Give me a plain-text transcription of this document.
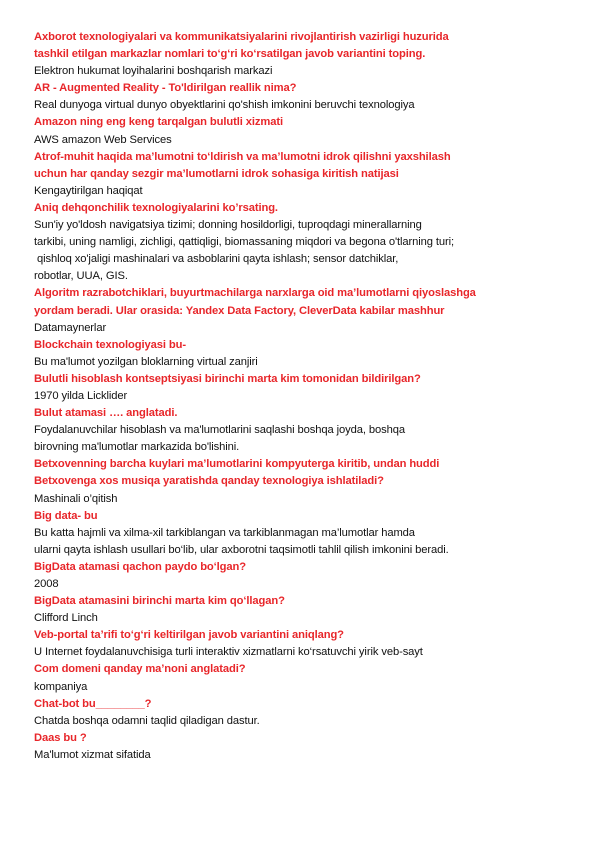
Axborot texnologiyalari va kommunikatsiyalarini rivojlantirish vazirligi huzurida
tashkil etilgan markazlar nomlari to‘g‘ri ko‘rsatilgan javob variantini toping.

Elektron hukumat loyihalarini boshqarish markazi

AR - Augmented Reality - To'ldirilgan reallik nima?

Real dunyoga virtual dunyo obyektlarini qo'shish imkonini beruvchi texnologiya

Amazon ning eng keng tarqalgan bulutli xizmati

AWS amazon Web Services

Atrof-muhit haqida ma’lumotni to‘ldirish va ma’lumotni idrok qilishni yaxshilash
uchun har qanday sezgir ma’lumotlarni idrok sohasiga kiritish natijasi

Kengaytirilgan haqiqat

Aniq dehqonchilik texnologiyalarini ko’rsating.

Sun'iy yo'ldosh navigatsiya tizimi; donning hosildorligi, tuproqdagi minerallarning
tarkibi, uning namligi, zichligi, qattiqligi, biomassaning miqdori va begona o'tlarning turi;
qishloq xo'jaligi mashinalari va asboblarini qayta ishlash; sensor datchiklar,
robotlar, UUA, GIS.

Algoritm razrabotchiklari, buyurtmachilarga narxlarga oid ma’lumotlarni qiyoslashga
yordam beradi. Ular orasida: Yandex Data Factory, CleverData kabilar mashhur

Datamaynerlar

Blockchain texnologiyasi bu-

Bu ma'lumot yozilgan bloklarning virtual zanjiri

Bulutli hisoblash kontseptsiyasi birinchi marta kim tomonidan bildirilgan?

1970 yilda Licklider

Bulut atamasi …. anglatadi.

Foydalanuvchilar hisoblash va ma'lumotlarini saqlashi boshqa joyda, boshqa
birovning ma'lumotlar markazida bo'lishini.

Betxovenning barcha kuylari ma’lumotlarini kompyuterga kiritib, undan huddi
Betxovenga xos musiqa yaratishda qanday texnologiya ishlatiladi?

Mashinali o’qitish

Big data- bu

Bu katta hajmli va xilma-xil tarkiblangan va tarkiblanmagan ma’lumotlar hamda
ularni qayta ishlash usullari bo‘lib, ular axborotni taqsimotli tahlil qilish imkonini beradi.

BigData atamasi qachon paydo bo‘lgan?

2008

BigData atamasini birinchi marta kim qo‘llagan?

Clifford Linch

Veb-portal ta’rifi to‘g‘ri keltirilgan javob variantini aniqlang?

U Internet foydalanuvchisiga turli interaktiv xizmatlarni ko‘rsatuvchi yirik veb-sayt

Com domeni qanday ma’noni anglatadi?

kompaniya

Chat-bot bu________?

Chatda boshqa odamni taqlid qiladigan dastur.

Daas bu ?

Ma'lumot xizmat sifatida
